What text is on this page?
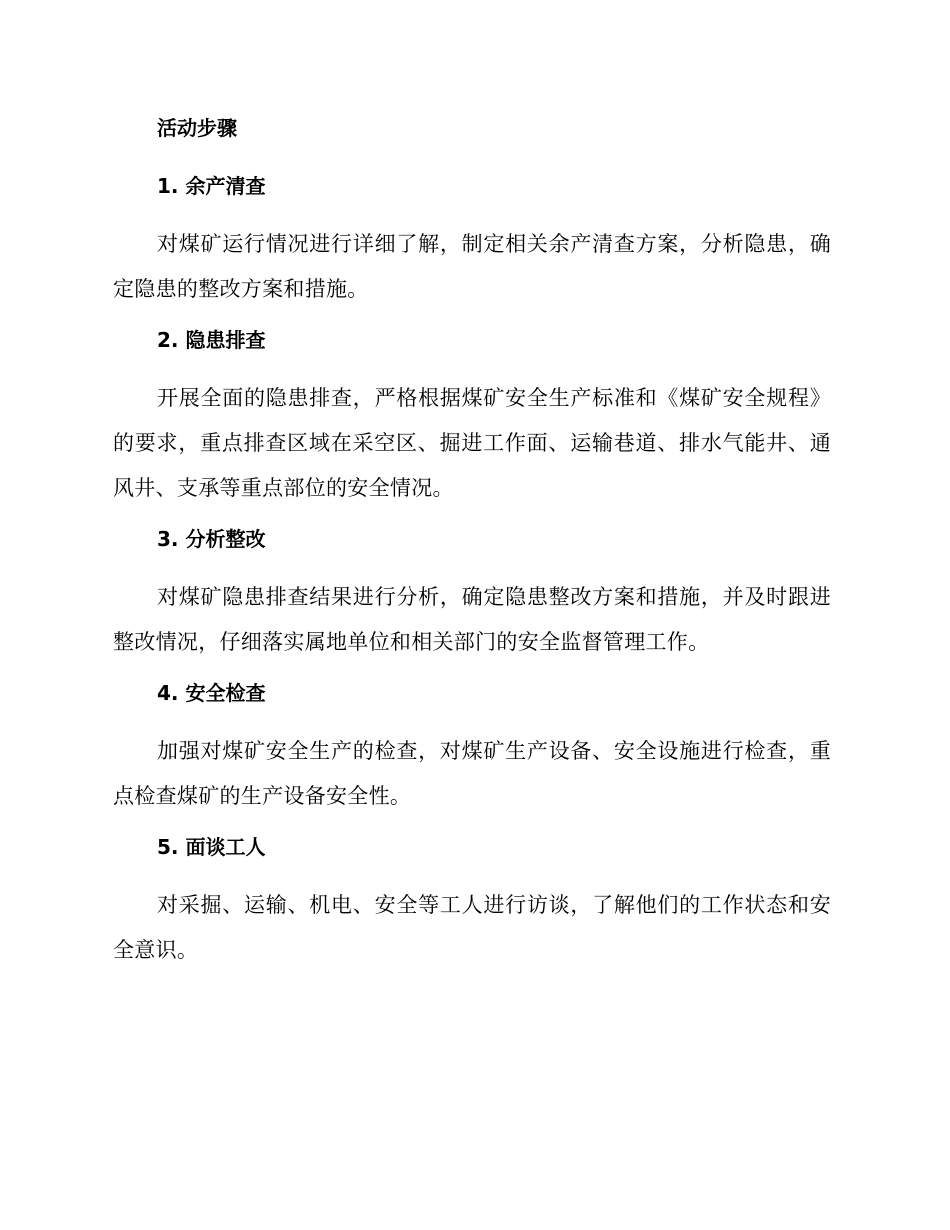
活动步骤
1. 余产清查

对煤矿运行情况进行详细了解，制定相关余产清查方案，分析隐患，确定隐患的整改方案和措施。

2. 隐患排查

开展全面的隐患排查，严格根据煤矿安全生产标准和《煤矿安全规程》的要求，重点排查区域在采空区、掘进工作面、运输巷道、排水气能井、通风井、支承等重点部位的安全情况。

3. 分析整改

对煤矿隐患排查结果进行分析，确定隐患整改方案和措施，并及时跟进整改情况，仔细落实属地单位和相关部门的安全监督管理工作。

4. 安全检查

加强对煤矿安全生产的检查，对煤矿生产设备、安全设施进行检查，重点检查煤矿的生产设备安全性。

5. 面谈工人

对采掘、运输、机电、安全等工人进行访谈，了解他们的工作状态和安全意识。
